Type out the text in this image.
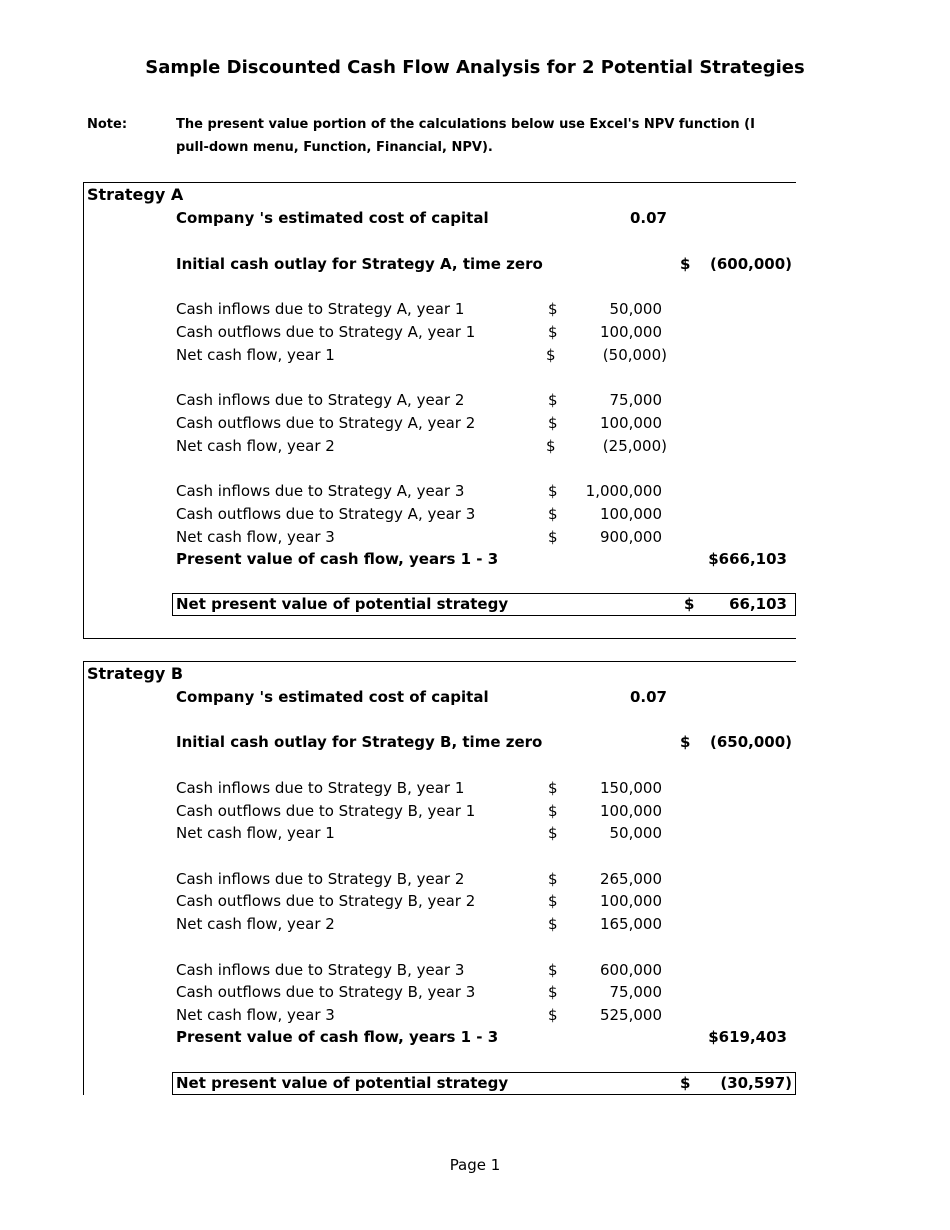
Sample Discounted Cash Flow Analysis for 2 Potential Strategies
Note:	The present value portion of the calculations below use Excel's NPV function (I
pull-down menu, Function, Financial, NPV).
Strategy A
Company 's estimated cost of capital	0.07
Initial cash outlay for Strategy A, time zero	$	(600,000)
Cash inflows due to Strategy A, year 1	$	50,000
Cash outflows due to Strategy A, year 1	$	100,000
Net cash flow, year 1	$	(50,000)
Cash inflows due to Strategy A, year 2	$	75,000
Cash outflows due to Strategy A, year 2	$	100,000
Net cash flow, year 2	$	(25,000)
Cash inflows due to Strategy A, year 3	$	1,000,000
Cash outflows due to Strategy A, year 3	$	100,000
Net cash flow, year 3	$	900,000
Present value of cash flow, years 1 - 3	$666,103
Net present value of potential strategy	$	66,103
Strategy B
Company 's estimated cost of capital	0.07
Initial cash outlay for Strategy B, time zero	$	(650,000)
Cash inflows due to Strategy B, year 1	$	150,000
Cash outflows due to Strategy B, year 1	$	100,000
Net cash flow, year 1	$	50,000
Cash inflows due to Strategy B, year 2	$	265,000
Cash outflows due to Strategy B, year 2	$	100,000
Net cash flow, year 2	$	165,000
Cash inflows due to Strategy B, year 3	$	600,000
Cash outflows due to Strategy B, year 3	$	75,000
Net cash flow, year 3	$	525,000
Present value of cash flow, years 1 - 3	$619,403
Net present value of potential strategy	$	(30,597)
Page 1
